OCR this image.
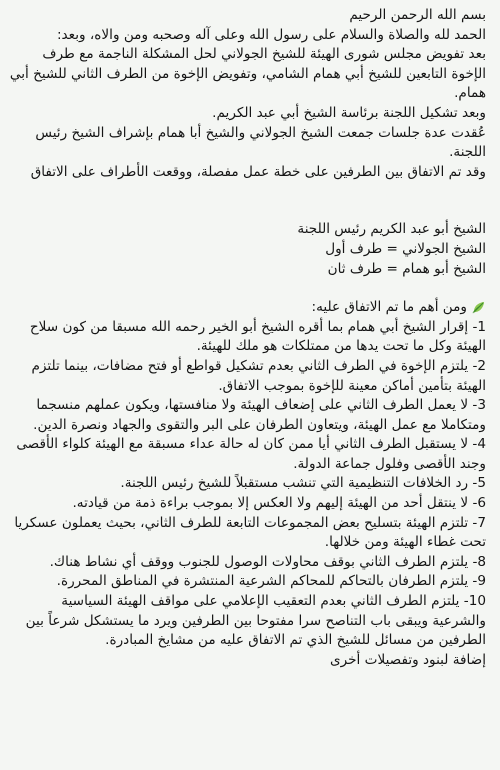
بسم الله الرحمن الرحيم

الحمد لله والصلاة والسلام على رسول الله وعلى آله وصحبه ومن والاه، وبعد:

بعد تفويض مجلس شورى الهيئة للشيخ الجولاني لحل المشكلة الناجمة مع طرف الإخوة التابعين للشيخ أبي همام الشامي، وتفويض الإخوة من الطرف الثاني للشيخ أبي همام.

وبعد تشكيل اللجنة برئاسة الشيخ أبي عبد الكريم.

عُقدت عدة جلسات جمعت الشيخ الجولاني والشيخ أبا همام بإشراف الشيخ رئيس اللجنة.

وقد تم الاتفاق بين الطرفين على خطة عمل مفصلة، ووقعت الأطراف على الاتفاق

الشيخ أبو عبد الكريم رئيس اللجنة

الشيخ الجولاني = طرف أول

الشيخ أبو همام = طرف ثان

ومن أهم ما تم الاتفاق عليه:

1- إقرار الشيخ أبي همام بما أقره الشيخ أبو الخير رحمه الله مسبقا من كون سلاح الهيئة وكل ما تحت يدها من ممتلكات هو ملك للهيئة.
2- يلتزم الإخوة في الطرف الثاني بعدم تشكيل قواطع أو فتح مضافات، بينما تلتزم الهيئة بتأمين أماكن معينة للإخوة بموجب الاتفاق.
3- لا يعمل الطرف الثاني على إضعاف الهيئة ولا منافستها، ويكون عملهم منسجما ومتكاملا مع عمل الهيئة، ويتعاون الطرفان على البر والتقوى والجهاد ونصرة الدين.
4- لا يستقبل الطرف الثاني أيا ممن كان له حالة عداء مسبقة مع الهيئة كلواء الأقصى وجند الأقصى وفلول جماعة الدولة.
5- رد الخلافات التنظيمية التي تنشب مستقبلاً للشيخ رئيس اللجنة.
6- لا ينتقل أحد من الهيئة إليهم ولا العكس إلا بموجب براءة ذمة من قيادته.
7- تلتزم الهيئة بتسليح بعض المجموعات التابعة للطرف الثاني، بحيث يعملون عسكريا تحت غطاء الهيئة ومن خلالها.
8- يلتزم الطرف الثاني بوقف محاولات الوصول للجنوب ووقف أي نشاط هناك.
9- يلتزم الطرفان بالتحاكم للمحاكم الشرعية المنتشرة في المناطق المحررة.
10- يلتزم الطرف الثاني بعدم التعقيب الإعلامي على مواقف الهيئة السياسية والشرعية ويبقى باب التناصح سرا مفتوحا بين الطرفين ويرد ما يستشكل شرعاً بين الطرفين من مسائل للشيخ الذي تم الاتفاق عليه من مشايخ المبادرة.

إضافة لبنود وتفصيلات أخرى
